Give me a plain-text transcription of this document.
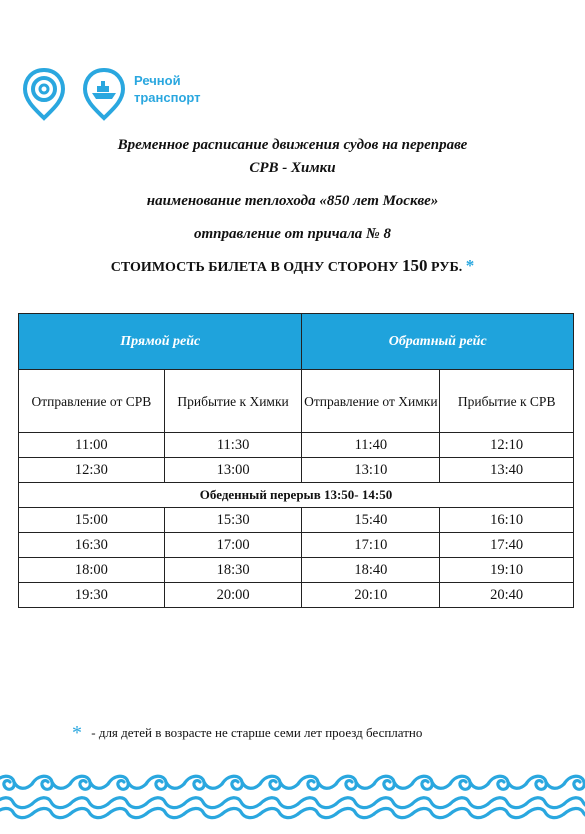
Речной
транспорт
Временное расписание движения судов на переправе
СРВ - Химки
наименование теплохода «850 лет Москве»
отправление от причала № 8
СТОИМОСТЬ БИЛЕТА В ОДНУ СТОРОНУ 150 РУБ. *
Прямой рейс		Обратный рейс	
Отправление от СРВ	Прибытие к Химки	Отправление от Химки	Прибытие к СРВ
11:00	11:30	11:40	12:10
12:30	13:00	13:10	13:40
Обеденный перерыв 13:50- 14:50			
15:00	15:30	15:40	16:10
16:30	17:00	17:10	17:40
18:00	18:30	18:40	19:10
19:30	20:00	20:10	20:40
* - для детей в возрасте не старше семи лет проезд бесплатно
